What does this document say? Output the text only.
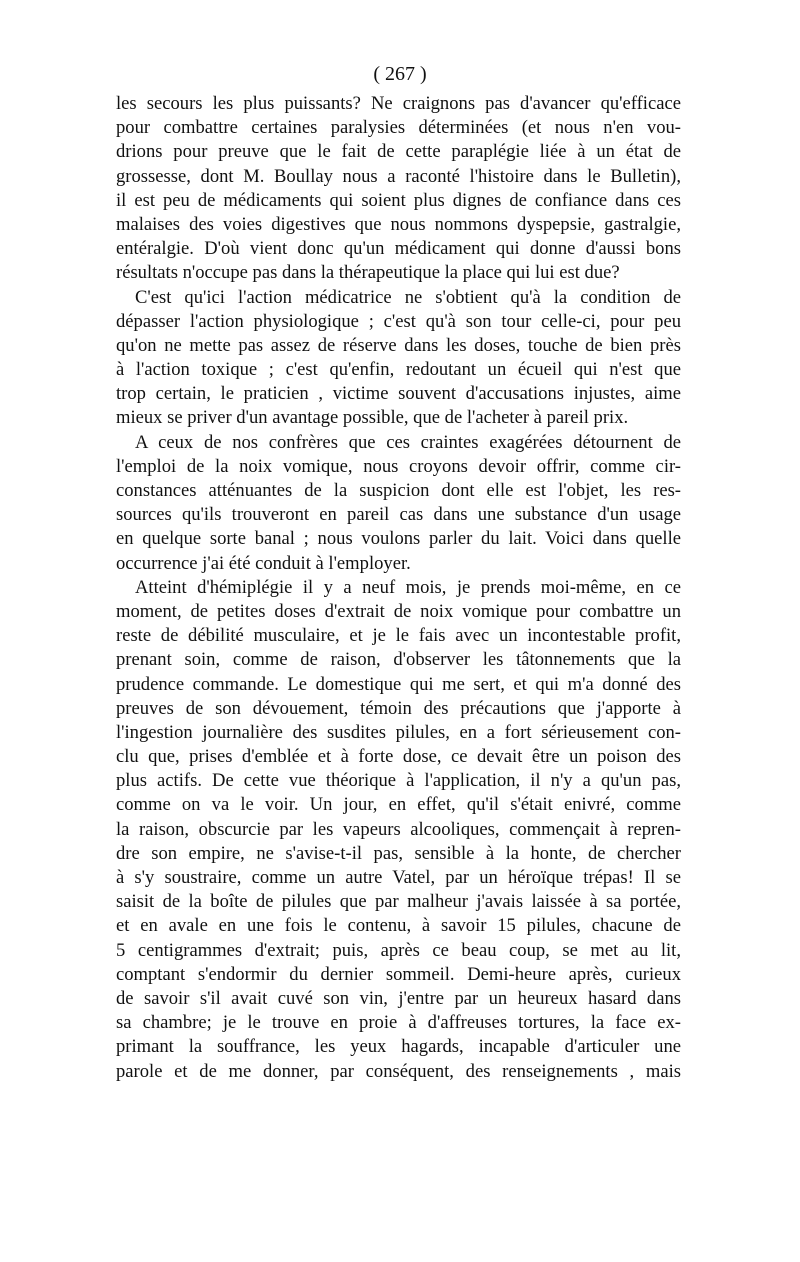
( 267 )
les secours les plus puissants? Ne craignons pas d'avancer qu'efficace
pour combattre certaines paralysies déterminées (et nous n'en vou-
drions pour preuve que le fait de cette paraplégie liée à un état de
grossesse, dont M. Boullay nous a raconté l'histoire dans le Bulletin),
il est peu de médicaments qui soient plus dignes de confiance dans ces
malaises des voies digestives que nous nommons dyspepsie, gastralgie,
entéralgie. D'où vient donc qu'un médicament qui donne d'aussi bons
résultats n'occupe pas dans la thérapeutique la place qui lui est due?
C'est qu'ici l'action médicatrice ne s'obtient qu'à la condition de
dépasser l'action physiologique ; c'est qu'à son tour celle-ci, pour peu
qu'on ne mette pas assez de réserve dans les doses, touche de bien près
à l'action toxique ; c'est qu'enfin, redoutant un écueil qui n'est que
trop certain, le praticien , victime souvent d'accusations injustes, aime
mieux se priver d'un avantage possible, que de l'acheter à pareil prix.
A ceux de nos confrères que ces craintes exagérées détournent de
l'emploi de la noix vomique, nous croyons devoir offrir, comme cir-
constances atténuantes de la suspicion dont elle est l'objet, les res-
sources qu'ils trouveront en pareil cas dans une substance d'un usage
en quelque sorte banal ; nous voulons parler du lait. Voici dans quelle
occurrence j'ai été conduit à l'employer.
Atteint d'hémiplégie il y a neuf mois, je prends moi-même, en ce
moment, de petites doses d'extrait de noix vomique pour combattre un
reste de débilité musculaire, et je le fais avec un incontestable profit,
prenant soin, comme de raison, d'observer les tâtonnements que la
prudence commande. Le domestique qui me sert, et qui m'a donné des
preuves de son dévouement, témoin des précautions que j'apporte à
l'ingestion journalière des susdites pilules, en a fort sérieusement con-
clu que, prises d'emblée et à forte dose, ce devait être un poison des
plus actifs. De cette vue théorique à l'application, il n'y a qu'un pas,
comme on va le voir. Un jour, en effet, qu'il s'était enivré, comme
la raison, obscurcie par les vapeurs alcooliques, commençait à repren-
dre son empire, ne s'avise-t-il pas, sensible à la honte, de chercher
à s'y soustraire, comme un autre Vatel, par un héroïque trépas! Il se
saisit de la boîte de pilules que par malheur j'avais laissée à sa portée,
et en avale en une fois le contenu, à savoir 15 pilules, chacune de
5 centigrammes d'extrait; puis, après ce beau coup, se met au lit,
comptant s'endormir du dernier sommeil. Demi-heure après, curieux
de savoir s'il avait cuvé son vin, j'entre par un heureux hasard dans
sa chambre; je le trouve en proie à d'affreuses tortures, la face ex-
primant la souffrance, les yeux hagards, incapable d'articuler une
parole et de me donner, par conséquent, des renseignements , mais
